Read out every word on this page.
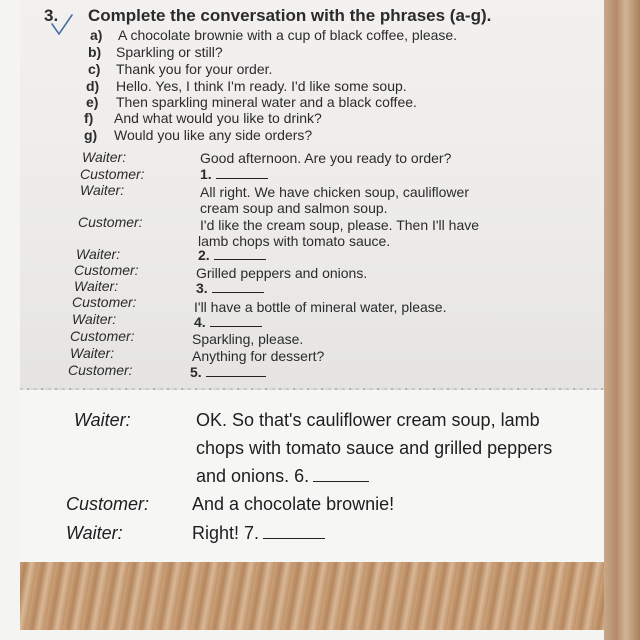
3. Complete the conversation with the phrases (a-g).
a) A chocolate brownie with a cup of black coffee, please.
b) Sparkling or still?
c) Thank you for your order.
d) Hello. Yes, I think I'm ready. I'd like some soup.
e) Then sparkling mineral water and a black coffee.
f) And what would you like to drink?
g) Would you like any side orders?
Waiter:	Good afternoon. Are you ready to order?
Customer:	1.
Waiter:	All right. We have chicken soup, cauliflower
cream soup and salmon soup.
Customer:	I'd like the cream soup, please. Then I'll have
lamb chops with tomato sauce.
Waiter:	2.
Customer:	Grilled peppers and onions.
Waiter:	3.
Customer:	I'll have a bottle of mineral water, please.
Waiter:	4.
Customer:	Sparkling, please.
Waiter:	Anything for dessert?
Customer:	5.
Waiter:	OK. So that's cauliflower cream soup, lamb
chops with tomato sauce and grilled peppers
and onions. 6.
Customer: And a chocolate brownie!
Waiter:	Right! 7.
